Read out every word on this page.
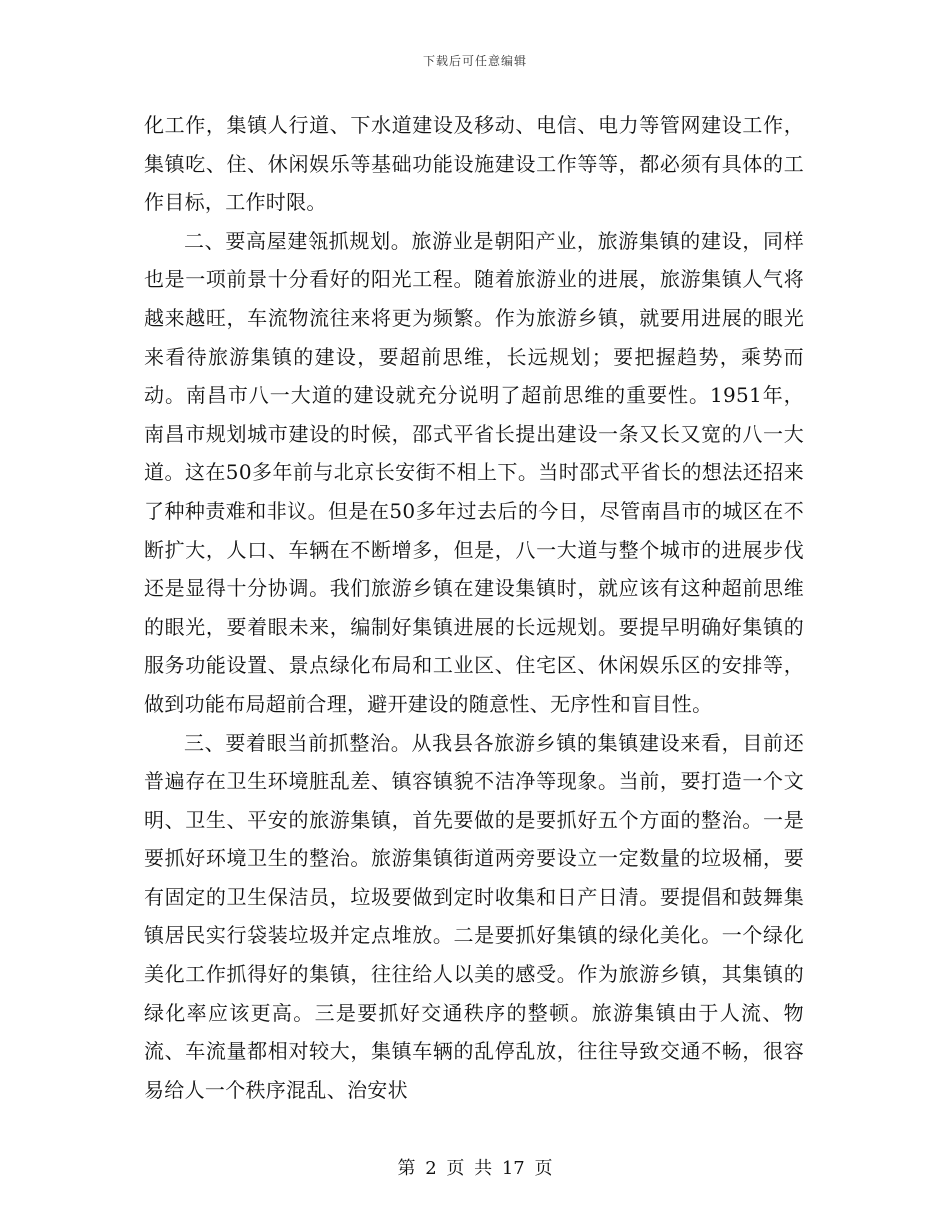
下载后可任意编辑

化工作，集镇人行道、下水道建设及移动、电信、电力等管网建设工作，集镇吃、住、休闲娱乐等基础功能设施建设工作等等，都必须有具体的工作目标，工作时限。

二、要高屋建瓴抓规划。旅游业是朝阳产业，旅游集镇的建设，同样也是一项前景十分看好的阳光工程。随着旅游业的进展，旅游集镇人气将越来越旺，车流物流往来将更为频繁。作为旅游乡镇，就要用进展的眼光来看待旅游集镇的建设，要超前思维，长远规划；要把握趋势，乘势而动。南昌市八一大道的建设就充分说明了超前思维的重要性。1951年，南昌市规划城市建设的时候，邵式平省长提出建设一条又长又宽的八一大道。这在50多年前与北京长安街不相上下。当时邵式平省长的想法还招来了种种责难和非议。但是在50多年过去后的今日，尽管南昌市的城区在不断扩大，人口、车辆在不断增多，但是，八一大道与整个城市的进展步伐还是显得十分协调。我们旅游乡镇在建设集镇时，就应该有这种超前思维的眼光，要着眼未来，编制好集镇进展的长远规划。要提早明确好集镇的服务功能设置、景点绿化布局和工业区、住宅区、休闲娱乐区的安排等，做到功能布局超前合理，避开建设的随意性、无序性和盲目性。

三、要着眼当前抓整治。从我县各旅游乡镇的集镇建设来看，目前还普遍存在卫生环境脏乱差、镇容镇貌不洁净等现象。当前，要打造一个文明、卫生、平安的旅游集镇，首先要做的是要抓好五个方面的整治。一是要抓好环境卫生的整治。旅游集镇街道两旁要设立一定数量的垃圾桶，要有固定的卫生保洁员，垃圾要做到定时收集和日产日清。要提倡和鼓舞集镇居民实行袋装垃圾并定点堆放。二是要抓好集镇的绿化美化。一个绿化美化工作抓得好的集镇，往往给人以美的感受。作为旅游乡镇，其集镇的绿化率应该更高。三是要抓好交通秩序的整顿。旅游集镇由于人流、物流、车流量都相对较大，集镇车辆的乱停乱放，往往导致交通不畅，很容易给人一个秩序混乱、治安状

第 2 页 共 17 页
